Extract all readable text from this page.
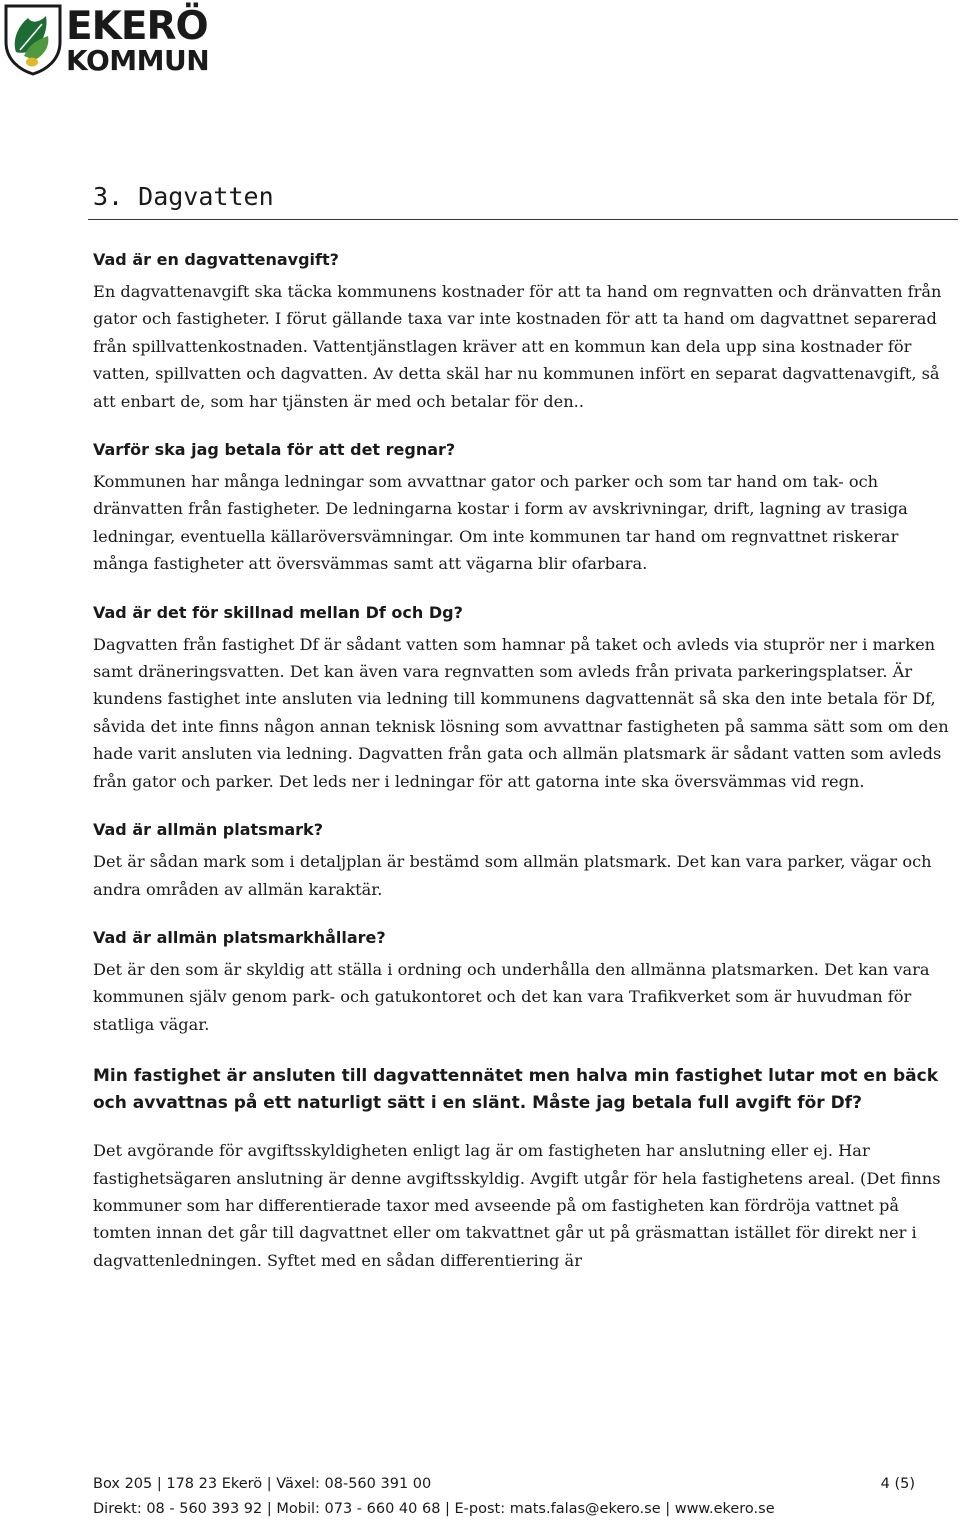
EKERÖ
KOMMUN
3. Dagvatten

Vad är en dagvattenavgift?

En dagvattenavgift ska täcka kommunens kostnader för att ta hand om regnvatten och dränvatten från gator och fastigheter. I förut gällande taxa var inte kostnaden för att ta hand om dagvattnet separerad från spillvattenkostnaden. Vattentjänstlagen kräver att en kommun kan dela upp sina kostnader för vatten, spillvatten och dagvatten. Av detta skäl har nu kommunen infört en separat dagvattenavgift, så att enbart de, som har tjänsten är med och betalar för den..

Varför ska jag betala för att det regnar?

Kommunen har många ledningar som avvattnar gator och parker och som tar hand om tak- och dränvatten från fastigheter. De ledningarna kostar i form av avskrivningar, drift, lagning av trasiga ledningar, eventuella källaröversvämningar. Om inte kommunen tar hand om regnvattnet riskerar många fastigheter att översvämmas samt att vägarna blir ofarbara.

Vad är det för skillnad mellan Df och Dg?

Dagvatten från fastighet Df är sådant vatten som hamnar på taket och avleds via stuprör ner i marken samt dräneringsvatten. Det kan även vara regnvatten som avleds från privata parkeringsplatser. Är kundens fastighet inte ansluten via ledning till kommunens dagvattennät så ska den inte betala för Df, såvida det inte finns någon annan teknisk lösning som avvattnar fastigheten på samma sätt som om den hade varit ansluten via ledning. Dagvatten från gata och allmän platsmark är sådant vatten som avleds från gator och parker. Det leds ner i ledningar för att gatorna inte ska översvämmas vid regn.

Vad är allmän platsmark?

Det är sådan mark som i detaljplan är bestämd som allmän platsmark. Det kan vara parker, vägar och andra områden av allmän karaktär.

Vad är allmän platsmarkhållare?

Det är den som är skyldig att ställa i ordning och underhålla den allmänna platsmarken. Det kan vara kommunen själv genom park- och gatukontoret och det kan vara Trafikverket som är huvudman för statliga vägar.

Min fastighet är ansluten till dagvattennätet men halva min fastighet lutar mot en bäck och avvattnas på ett naturligt sätt i en slänt. Måste jag betala full avgift för Df?

Det avgörande för avgiftsskyldigheten enligt lag är om fastigheten har anslutning eller ej. Har fastighetsägaren anslutning är denne avgiftsskyldig. Avgift utgår för hela fastighetens areal. (Det finns kommuner som har differentierade taxor med avseende på om fastigheten kan fördröja vattnet på tomten innan det går till dagvattnet eller om takvattnet går ut på gräsmattan istället för direkt ner i dagvattenledningen. Syftet med en sådan differentiering är

Box 205 | 178 23 Ekerö | Växel: 08-560 391 00	4 (5)
Direkt: 08 - 560 393 92 | Mobil: 073 - 660 40 68 | E-post: mats.falas@ekero.se | www.ekero.se
